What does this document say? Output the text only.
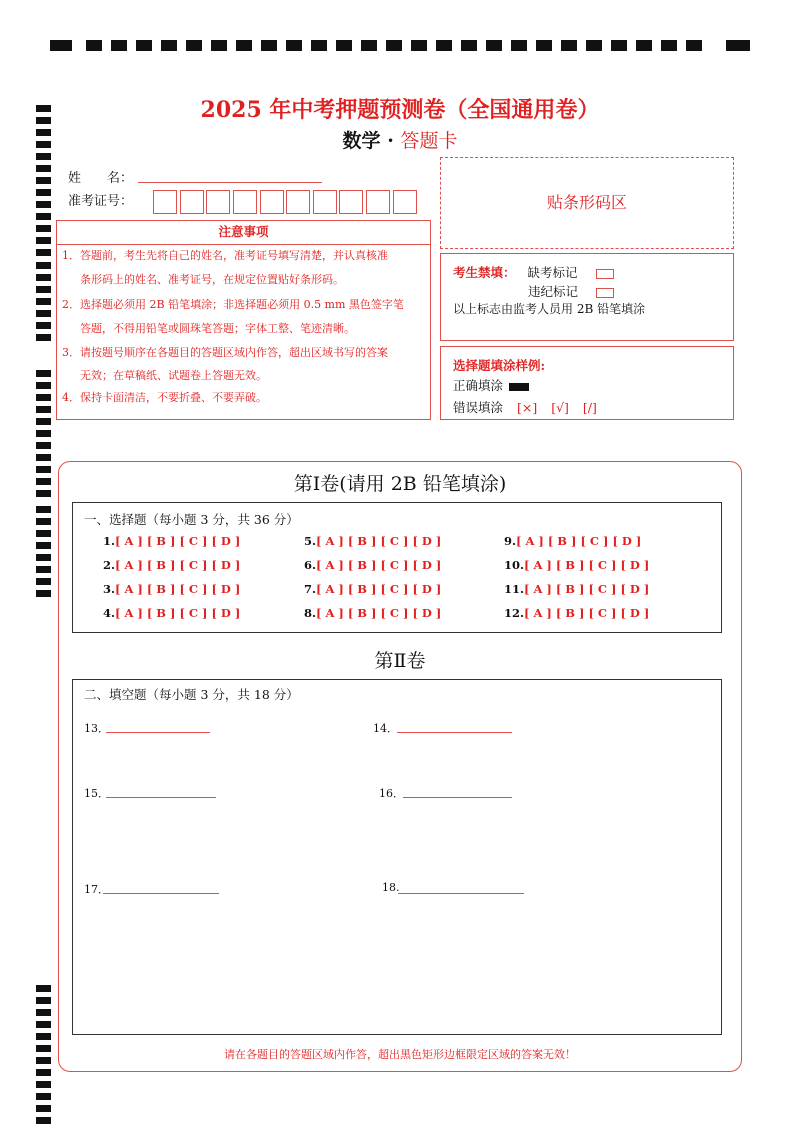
2025 年中考押题预测卷（全国通用卷）
数学 · 答题卡
姓　　名：
准考证号：	贴条形码区
注意事项
1．答题前，考生先将自己的姓名，准考证号填写清楚，并认真核准
条形码上的姓名、准考证号，在规定位置贴好条形码。
2．选择题必须用 2B 铅笔填涂；非选择题必须用 0.5 mm 黑色签字笔
答题，不得用铅笔或圆珠笔答题；字体工整、笔迹清晰。
3．请按题号顺序在各题目的答题区域内作答，超出区域书写的答案
无效；在草稿纸、试题卷上答题无效。
4．保持卡面清洁，不要折叠、不要弄破。
考生禁填： 缺考标记
违纪标记
以上标志由监考人员用 2B 铅笔填涂
选择题填涂样例:
正确填涂
错误填涂 [×] [√] [/]
第Ⅰ卷(请用 2B 铅笔填涂)
一、选择题（每小题 3 分，共 36 分）
1.[ A ] [ B ] [ C ] [ D ]
2.[ A ] [ B ] [ C ] [ D ]
3.[ A ] [ B ] [ C ] [ D ]
4.[ A ] [ B ] [ C ] [ D ]
5.[ A ] [ B ] [ C ] [ D ]
6.[ A ] [ B ] [ C ] [ D ]
7.[ A ] [ B ] [ C ] [ D ]
8.[ A ] [ B ] [ C ] [ D ]
9.[ A ] [ B ] [ C ] [ D ]
10.[ A ] [ B ] [ C ] [ D ]
11.[ A ] [ B ] [ C ] [ D ]
12.[ A ] [ B ] [ C ] [ D ]
第Ⅱ卷
二、填空题（每小题 3 分，共 18 分）
13．	14．
15．	16．
17．	18.
请在各题目的答题区域内作答，超出黑色矩形边框限定区域的答案无效！
